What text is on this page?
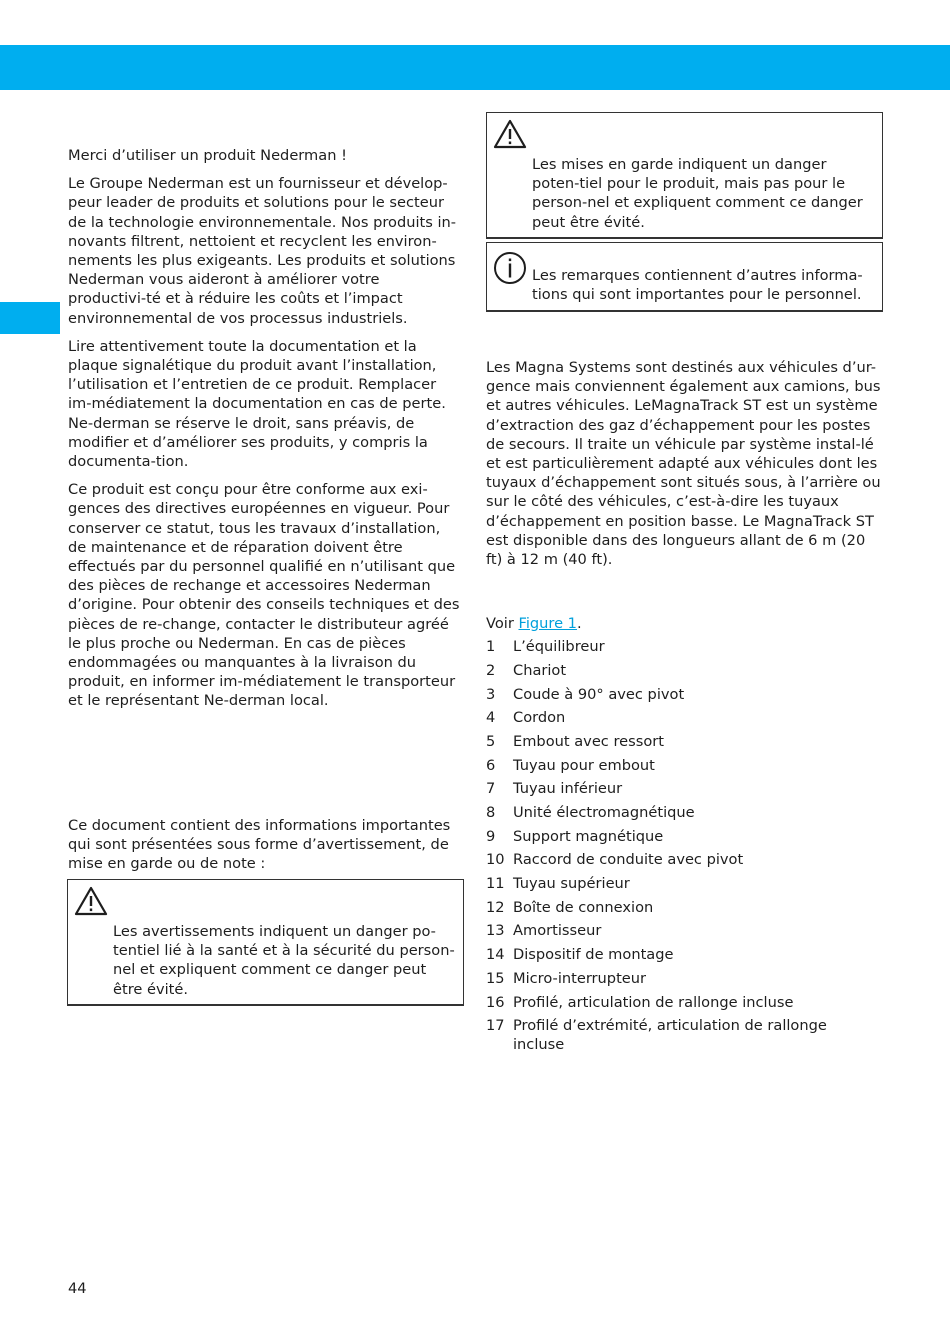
Merci d’utiliser un produit Nederman !

Le Groupe Nederman est un fournisseur et dévelop-peur leader de produits et solutions pour le secteur de la technologie environnementale. Nos produits in-novants filtrent, nettoient et recyclent les environ-nements les plus exigeants. Les produits et solutions Nederman vous aideront à améliorer votre productivi-té et à réduire les coûts et l’impact environnemental de vos processus industriels.

Lire attentivement toute la documentation et la plaque signalétique du produit avant l’installation, l’utilisation et l’entretien de ce produit. Remplacer im-médiatement la documentation en cas de perte. Ne-derman se réserve le droit, sans préavis, de modifier et d’améliorer ses produits, y compris la documenta-tion.

Ce produit est conçu pour être conforme aux exi-gences des directives européennes en vigueur. Pour conserver ce statut, tous les travaux d’installation, de maintenance et de réparation doivent être effectués par du personnel qualifié en n’utilisant que des pièces de rechange et accessoires Nederman d’origine. Pour obtenir des conseils techniques et des pièces de re-change, contacter le distributeur agréé le plus proche ou Nederman. En cas de pièces endommagées ou manquantes à la livraison du produit, en informer im-médiatement le transporteur et le représentant Ne-derman local.

Ce document contient des informations importantes qui sont présentées sous forme d’avertissement, de mise en garde ou de note :

Les avertissements indiquent un danger po-tentiel lié à la santé et à la sécurité du person-nel et expliquent comment ce danger peut être évité.

Les mises en garde indiquent un danger poten-tiel pour le produit, mais pas pour le person-nel et expliquent comment ce danger peut être évité.

Les remarques contiennent d’autres informa-tions qui sont importantes pour le personnel.

Les Magna Systems sont destinés aux véhicules d’ur-gence mais conviennent également aux camions, bus et autres véhicules. LeMagnaTrack ST est un système d’extraction des gaz d’échappement pour les postes de secours. Il traite un véhicule par système instal-lé et est particulièrement adapté aux véhicules dont les tuyaux d’échappement sont situés sous, à l’arrière ou sur le côté des véhicules, c’est-à-dire les tuyaux d’échappement en position basse. Le MagnaTrack ST est disponible dans des longueurs allant de 6 m (20 ft) à 12 m (40 ft).

Voir Figure 1.

1	L’équilibreur
2	Chariot
3	Coude à 90° avec pivot
4	Cordon
5	Embout avec ressort
6	Tuyau pour embout
7	Tuyau inférieur
8	Unité électromagnétique
9	Support magnétique
10 Raccord de conduite avec pivot
11 Tuyau supérieur
12 Boîte de connexion
13 Amortisseur
14 Dispositif de montage
15 Micro-interrupteur
16 Profilé, articulation de rallonge incluse
17 Profilé d’extrémité, articulation de rallonge incluse
44
